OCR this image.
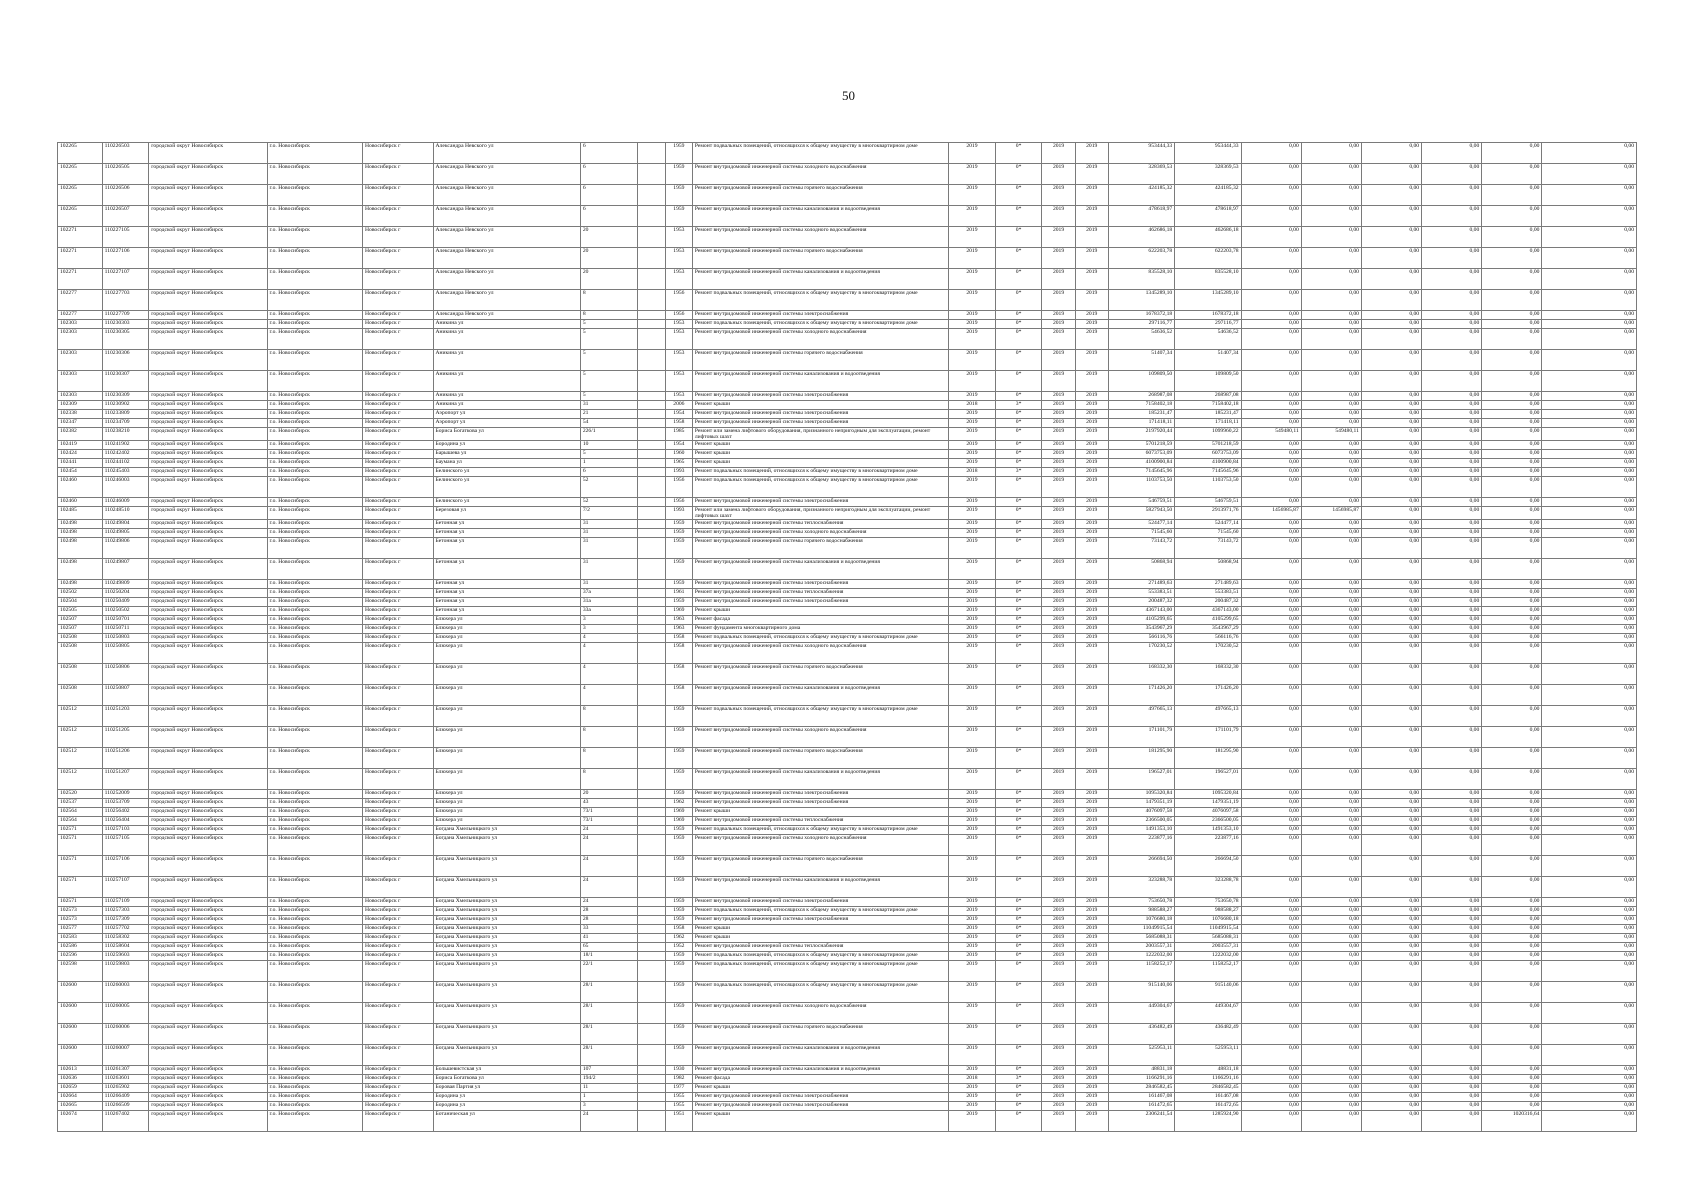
50
102265	110226503	городской округ Новосибирск	г.о. Новосибирск	Новосибирск г	Александра Невского ул	6		1959	Ремонт подвальных помещений, относящихся к общему имуществу в многоквартирном доме	2019	0*	2019	2019	953444,33	953444,33	0,00	0,00	0,00	0,00	0,00	0,00
102265	110226505	городской округ Новосибирск	г.о. Новосибирск	Новосибирск г	Александра Невского ул	6		1959	Ремонт внутридомовой инженерной системы холодного водоснабжения	2019	0*	2019	2019	328369,53	328369,53	0,00	0,00	0,00	0,00	0,00	0,00
102265	110226506	городской округ Новосибирск	г.о. Новосибирск	Новосибирск г	Александра Невского ул	6		1959	Ремонт внутридомовой инженерной системы горячего водоснабжения	2019	0*	2019	2019	424185,32	424185,32	0,00	0,00	0,00	0,00	0,00	0,00
102265	110226507	городской округ Новосибирск	г.о. Новосибирск	Новосибирск г	Александра Невского ул	6		1959	Ремонт внутридомовой инженерной системы канализования и водоотведения	2019	0*	2019	2019	478618,97	478618,97	0,00	0,00	0,00	0,00	0,00	0,00
102271	110227105	городской округ Новосибирск	г.о. Новосибирск	Новосибирск г	Александра Невского ул	20		1953	Ремонт внутридомовой инженерной системы холодного водоснабжения	2019	0*	2019	2019	462686,18	462686,18	0,00	0,00	0,00	0,00	0,00	0,00
102271	110227106	городской округ Новосибирск	г.о. Новосибирск	Новосибирск г	Александра Невского ул	20		1953	Ремонт внутридомовой инженерной системы горячего водоснабжения	2019	0*	2019	2019	622203,78	622203,78	0,00	0,00	0,00	0,00	0,00	0,00
102271	110227107	городской округ Новосибирск	г.о. Новосибирск	Новосибирск г	Александра Невского ул	20		1953	Ремонт внутридомовой инженерной системы канализования и водоотведения	2019	0*	2019	2019	835528,10	835528,10	0,00	0,00	0,00	0,00	0,00	0,00
102277	110227703	городской округ Новосибирск	г.о. Новосибирск	Новосибирск г	Александра Невского ул	8		1956	Ремонт подвальных помещений, относящихся к общему имуществу в многоквартирном доме	2019	0*	2019	2019	1345289,10	1345289,10	0,00	0,00	0,00	0,00	0,00	0,00
102277	110227709	городской округ Новосибирск	г.о. Новосибирск	Новосибирск г	Александра Невского ул	8		1956	Ремонт внутридомовой инженерной системы электроснабжения	2019	0*	2019	2019	1678372,18	1678372,18	0,00	0,00	0,00	0,00	0,00	0,00
102303	110230303	городской округ Новосибирск	г.о. Новосибирск	Новосибирск г	Аникина ул	5		1953	Ремонт подвальных помещений, относящихся к общему имуществу в многоквартирном доме	2019	0*	2019	2019	297116,77	297116,77	0,00	0,00	0,00	0,00	0,00	0,00
102303	110230305	городской округ Новосибирск	г.о. Новосибирск	Новосибирск г	Аникина ул	5		1953	Ремонт внутридомовой инженерной системы холодного водоснабжения	2019	0*	2019	2019	54636,52	54636,52	0,00	0,00	0,00	0,00	0,00	0,00
102303	110230306	городской округ Новосибирск	г.о. Новосибирск	Новосибирск г	Аникина ул	5		1953	Ремонт внутридомовой инженерной системы горячего водоснабжения	2019	0*	2019	2019	51407,34	51407,34	0,00	0,00	0,00	0,00	0,00	0,00
102303	110230307	городской округ Новосибирск	г.о. Новосибирск	Новосибирск г	Аникина ул	5		1953	Ремонт внутридомовой инженерной системы канализования и водоотведения	2019	0*	2019	2019	109809,50	109809,50	0,00	0,00	0,00	0,00	0,00	0,00
102303	110230309	городской округ Новосибирск	г.о. Новосибирск	Новосибирск г	Аникина ул	5		1953	Ремонт внутридомовой инженерной системы электроснабжения	2019	0*	2019	2019	268987,08	268987,08	0,00	0,00	0,00	0,00	0,00	0,00
102309	110230902	городской округ Новосибирск	г.о. Новосибирск	Новосибирск г	Аникина ул	31		2006	Ремонт крыши	2018	3*	2019	2019	7158402,18	7158402,18	0,00	0,00	0,00	0,00	0,00	0,00
102338	110233809	городской округ Новосибирск	г.о. Новосибирск	Новосибирск г	Аэропорт ул	21		1954	Ремонт внутридомовой инженерной системы электроснабжения	2019	0*	2019	2019	185231,47	185231,47	0,00	0,00	0,00	0,00	0,00	0,00
102347	110234709	городской округ Новосибирск	г.о. Новосибирск	Новосибирск г	Аэропорт ул	54		1958	Ремонт внутридомовой инженерной системы электроснабжения	2019	0*	2019	2019	171418,11	171418,11	0,00	0,00	0,00	0,00	0,00	0,00
102382	110238210	городской округ Новосибирск	г.о. Новосибирск	Новосибирск г	Бориса Богаткова ул	226/1		1985	Ремонт или замена лифтового оборудования, признанного непригодным для эксплуатации, ремонт лифтовых шахт	2019	0*	2019	2019	2197920,44	1099960,22	549480,11	549480,11	0,00	0,00	0,00	0,00
102419	110241902	городской округ Новосибирск	г.о. Новосибирск	Новосибирск г	Бородина ул	10		1954	Ремонт крыши	2019	0*	2019	2019	5701218,59	5701218,59	0,00	0,00	0,00	0,00	0,00	0,00
102424	110242402	городской округ Новосибирск	г.о. Новосибирск	Новосибирск г	Барышева ул	5		1960	Ремонт крыши	2019	0*	2019	2019	6073753,09	6073753,09	0,00	0,00	0,00	0,00	0,00	0,00
102441	110244102	городской округ Новосибирск	г.о. Новосибирск	Новосибирск г	Баумана ул	1		1965	Ремонт крыши	2019	0*	2019	2019	4100900,84	4100900,84	0,00	0,00	0,00	0,00	0,00	0,00
102454	110245403	городской округ Новосибирск	г.о. Новосибирск	Новосибирск г	Белинского ул	6		1993	Ремонт подвальных помещений, относящихся к общему имуществу в многоквартирном доме	2018	3*	2019	2019	7145645,96	7145645,96	0,00	0,00	0,00	0,00	0,00	0,00
102460	110246003	городской округ Новосибирск	г.о. Новосибирск	Новосибирск г	Белинского ул	52		1956	Ремонт подвальных помещений, относящихся к общему имуществу в многоквартирном доме	2019	0*	2019	2019	1103753,50	1103753,50	0,00	0,00	0,00	0,00	0,00	0,00
102460	110246009	городской округ Новосибирск	г.о. Новосибирск	Новосибирск г	Белинского ул	52		1956	Ремонт внутридомовой инженерной системы электроснабжения	2019	0*	2019	2019	546759,51	546759,51	0,00	0,00	0,00	0,00	0,00	0,00
102485	110248510	городской округ Новосибирск	г.о. Новосибирск	Новосибирск г	Березовая ул	7/2		1993	Ремонт или замена лифтового оборудования, признанного непригодным для эксплуатации, ремонт лифтовых шахт	2019	0*	2019	2019	5827943,50	2913971,76	1456985,87	1456985,87	0,00	0,00	0,00	0,00
102498	110249804	городской округ Новосибирск	г.о. Новосибирск	Новосибирск г	Бетонная ул	31		1959	Ремонт внутридомовой инженерной системы теплоснабжения	2019	0*	2019	2019	524477,14	524477,14	0,00	0,00	0,00	0,00	0,00	0,00
102498	110249805	городской округ Новосибирск	г.о. Новосибирск	Новосибирск г	Бетонная ул	31		1959	Ремонт внутридомовой инженерной системы холодного водоснабжения	2019	0*	2019	2019	71545,60	71545,60	0,00	0,00	0,00	0,00	0,00	0,00
102498	110249806	городской округ Новосибирск	г.о. Новосибирск	Новосибирск г	Бетонная ул	31		1959	Ремонт внутридомовой инженерной системы горячего водоснабжения	2019	0*	2019	2019	73143,72	73143,72	0,00	0,00	0,00	0,00	0,00	0,00
102498	110249807	городской округ Новосибирск	г.о. Новосибирск	Новосибирск г	Бетонная ул	31		1959	Ремонт внутридомовой инженерной системы канализования и водоотведения	2019	0*	2019	2019	50868,94	50868,94	0,00	0,00	0,00	0,00	0,00	0,00
102498	110249809	городской округ Новосибирск	г.о. Новосибирск	Новосибирск г	Бетонная ул	31		1959	Ремонт внутридомовой инженерной системы электроснабжения	2019	0*	2019	2019	271489,63	271489,63	0,00	0,00	0,00	0,00	0,00	0,00
102502	110250204	городской округ Новосибирск	г.о. Новосибирск	Новосибирск г	Бетонная ул	37а		1961	Ремонт внутридомовой инженерной системы теплоснабжения	2019	0*	2019	2019	553383,51	553383,51	0,00	0,00	0,00	0,00	0,00	0,00
102504	110250409	городской округ Новосибирск	г.о. Новосибирск	Новосибирск г	Бетонная ул	31а		1959	Ремонт внутридомовой инженерной системы электроснабжения	2019	0*	2019	2019	200487,32	200487,32	0,00	0,00	0,00	0,00	0,00	0,00
102505	110250502	городской округ Новосибирск	г.о. Новосибирск	Новосибирск г	Бетонная ул	33а		1969	Ремонт крыши	2019	0*	2019	2019	4367143,00	4367143,00	0,00	0,00	0,00	0,00	0,00	0,00
102507	110250701	городской округ Новосибирск	г.о. Новосибирск	Новосибирск г	Блюхера ул	3		1963	Ремонт фасада	2019	0*	2019	2019	4105299,65	4105299,65	0,00	0,00	0,00	0,00	0,00	0,00
102507	110250711	городской округ Новосибирск	г.о. Новосибирск	Новосибирск г	Блюхера ул	3		1963	Ремонт фундамента многоквартирного дома	2019	0*	2019	2019	3543967,29	3543967,29	0,00	0,00	0,00	0,00	0,00	0,00
102508	110250803	городской округ Новосибирск	г.о. Новосибирск	Новосибирск г	Блюхера ул	4		1958	Ремонт подвальных помещений, относящихся к общему имуществу в многоквартирном доме	2019	0*	2019	2019	566116,76	566116,76	0,00	0,00	0,00	0,00	0,00	0,00
102508	110250805	городской округ Новосибирск	г.о. Новосибирск	Новосибирск г	Блюхера ул	4		1958	Ремонт внутридомовой инженерной системы холодного водоснабжения	2019	0*	2019	2019	170230,52	170230,52	0,00	0,00	0,00	0,00	0,00	0,00
102508	110250806	городской округ Новосибирск	г.о. Новосибирск	Новосибирск г	Блюхера ул	4		1958	Ремонт внутридомовой инженерной системы горячего водоснабжения	2019	0*	2019	2019	168332,30	168332,30	0,00	0,00	0,00	0,00	0,00	0,00
102508	110250807	городской округ Новосибирск	г.о. Новосибирск	Новосибирск г	Блюхера ул	4		1958	Ремонт внутридомовой инженерной системы канализования и водоотведения	2019	0*	2019	2019	171426,20	171426,20	0,00	0,00	0,00	0,00	0,00	0,00
102512	110251203	городской округ Новосибирск	г.о. Новосибирск	Новосибирск г	Блюхера ул	8		1959	Ремонт подвальных помещений, относящихся к общему имуществу в многоквартирном доме	2019	0*	2019	2019	497665,13	497665,13	0,00	0,00	0,00	0,00	0,00	0,00
102512	110251205	городской округ Новосибирск	г.о. Новосибирск	Новосибирск г	Блюхера ул	8		1959	Ремонт внутридомовой инженерной системы холодного водоснабжения	2019	0*	2019	2019	171101,79	171101,79	0,00	0,00	0,00	0,00	0,00	0,00
102512	110251206	городской округ Новосибирск	г.о. Новосибирск	Новосибирск г	Блюхера ул	8		1959	Ремонт внутридомовой инженерной системы горячего водоснабжения	2019	0*	2019	2019	181295,90	181295,90	0,00	0,00	0,00	0,00	0,00	0,00
102512	110251207	городской округ Новосибирск	г.о. Новосибирск	Новосибирск г	Блюхера ул	8		1959	Ремонт внутридомовой инженерной системы канализования и водоотведения	2019	0*	2019	2019	196527,01	196527,01	0,00	0,00	0,00	0,00	0,00	0,00
102520	110252009	городской округ Новосибирск	г.о. Новосибирск	Новосибирск г	Блюхера ул	20		1959	Ремонт внутридомовой инженерной системы электроснабжения	2019	0*	2019	2019	1095320,84	1095320,84	0,00	0,00	0,00	0,00	0,00	0,00
102537	110253709	городской округ Новосибирск	г.о. Новосибирск	Новосибирск г	Блюхера ул	43		1962	Ремонт внутридомовой инженерной системы электроснабжения	2019	0*	2019	2019	1479351,19	1479351,19	0,00	0,00	0,00	0,00	0,00	0,00
102564	110256402	городской округ Новосибирск	г.о. Новосибирск	Новосибирск г	Блюхера ул	73/1		1969	Ремонт крыши	2019	0*	2019	2019	4076097,58	4076097,58	0,00	0,00	0,00	0,00	0,00	0,00
102564	110256404	городской округ Новосибирск	г.о. Новосибирск	Новосибирск г	Блюхера ул	73/1		1969	Ремонт внутридомовой инженерной системы теплоснабжения	2019	0*	2019	2019	2366500,05	2366500,05	0,00	0,00	0,00	0,00	0,00	0,00
102571	110257103	городской округ Новосибирск	г.о. Новосибирск	Новосибирск г	Богдана Хмельницкого ул	24		1959	Ремонт подвальных помещений, относящихся к общему имуществу в многоквартирном доме	2019	0*	2019	2019	1491353,10	1491353,10	0,00	0,00	0,00	0,00	0,00	0,00
102571	110257105	городской округ Новосибирск	г.о. Новосибирск	Новосибирск г	Богдана Хмельницкого ул	24		1959	Ремонт внутридомовой инженерной системы холодного водоснабжения	2019	0*	2019	2019	223877,16	223877,16	0,00	0,00	0,00	0,00	0,00	0,00
102571	110257106	городской округ Новосибирск	г.о. Новосибирск	Новосибирск г	Богдана Хмельницкого ул	24		1959	Ремонт внутридомовой инженерной системы горячего водоснабжения	2019	0*	2019	2019	266694,50	266694,50	0,00	0,00	0,00	0,00	0,00	0,00
102571	110257107	городской округ Новосибирск	г.о. Новосибирск	Новосибирск г	Богдана Хмельницкого ул	24		1959	Ремонт внутридомовой инженерной системы канализования и водоотведения	2019	0*	2019	2019	323288,78	323288,78	0,00	0,00	0,00	0,00	0,00	0,00
102571	110257109	городской округ Новосибирск	г.о. Новосибирск	Новосибирск г	Богдана Хмельницкого ул	24		1959	Ремонт внутридомовой инженерной системы электроснабжения	2019	0*	2019	2019	753650,78	753650,78	0,00	0,00	0,00	0,00	0,00	0,00
102573	110257303	городской округ Новосибирск	г.о. Новосибирск	Новосибирск г	Богдана Хмельницкого ул	28		1959	Ремонт подвальных помещений, относящихся к общему имуществу в многоквартирном доме	2019	0*	2019	2019	988588,27	988588,27	0,00	0,00	0,00	0,00	0,00	0,00
102573	110257309	городской округ Новосибирск	г.о. Новосибирск	Новосибирск г	Богдана Хмельницкого ул	28		1959	Ремонт внутридомовой инженерной системы электроснабжения	2019	0*	2019	2019	1076680,18	1076680,18	0,00	0,00	0,00	0,00	0,00	0,00
102577	110257702	городской округ Новосибирск	г.о. Новосибирск	Новосибирск г	Богдана Хмельницкого ул	33		1958	Ремонт крыши	2019	0*	2019	2019	11049915,54	11049915,54	0,00	0,00	0,00	0,00	0,00	0,00
102583	110258302	городской округ Новосибирск	г.о. Новосибирск	Новосибирск г	Богдана Хмельницкого ул	41		1962	Ремонт крыши	2019	0*	2019	2019	5685088,31	5685088,31	0,00	0,00	0,00	0,00	0,00	0,00
102586	110258604	городской округ Новосибирск	г.о. Новосибирск	Новосибирск г	Богдана Хмельницкого ул	65		1952	Ремонт внутридомовой инженерной системы теплоснабжения	2019	0*	2019	2019	2003557,31	2003557,31	0,00	0,00	0,00	0,00	0,00	0,00
102596	110259603	городской округ Новосибирск	г.о. Новосибирск	Новосибирск г	Богдана Хмельницкого ул	18/1		1959	Ремонт подвальных помещений, относящихся к общему имуществу в многоквартирном доме	2019	0*	2019	2019	1222032,00	1222032,00	0,00	0,00	0,00	0,00	0,00	0,00
102598	110259803	городской округ Новосибирск	г.о. Новосибирск	Новосибирск г	Богдана Хмельницкого ул	22/1		1959	Ремонт подвальных помещений, относящихся к общему имуществу в многоквартирном доме	2019	0*	2019	2019	1158252,17	1158252,17	0,00	0,00	0,00	0,00	0,00	0,00
102600	110260003	городской округ Новосибирск	г.о. Новосибирск	Новосибирск г	Богдана Хмельницкого ул	28/1		1959	Ремонт подвальных помещений, относящихся к общему имуществу в многоквартирном доме	2019	0*	2019	2019	915140,06	915140,06	0,00	0,00	0,00	0,00	0,00	0,00
102600	110260005	городской округ Новосибирск	г.о. Новосибирск	Новосибирск г	Богдана Хмельницкого ул	28/1		1959	Ремонт внутридомовой инженерной системы холодного водоснабжения	2019	0*	2019	2019	449304,67	449304,67	0,00	0,00	0,00	0,00	0,00	0,00
102600	110260006	городской округ Новосибирск	г.о. Новосибирск	Новосибирск г	Богдана Хмельницкого ул	28/1		1959	Ремонт внутридомовой инженерной системы горячего водоснабжения	2019	0*	2019	2019	436482,49	436482,49	0,00	0,00	0,00	0,00	0,00	0,00
102600	110260007	городской округ Новосибирск	г.о. Новосибирск	Новосибирск г	Богдана Хмельницкого ул	28/1		1959	Ремонт внутридомовой инженерной системы канализования и водоотведения	2019	0*	2019	2019	525953,11	525953,11	0,00	0,00	0,00	0,00	0,00	0,00
102613	110261307	городской округ Новосибирск	г.о. Новосибирск	Новосибирск г	Большевистская ул	107		1930	Ремонт внутридомовой инженерной системы канализования и водоотведения	2019	0*	2019	2019	48831,18	48831,18	0,00	0,00	0,00	0,00	0,00	0,00
102636	110263601	городской округ Новосибирск	г.о. Новосибирск	Новосибирск г	Бориса Богаткова ул	194/2		1982	Ремонт фасада	2018	3*	2019	2019	1166291,16	1166291,16	0,00	0,00	0,00	0,00	0,00	0,00
102659	110265902	городской округ Новосибирск	г.о. Новосибирск	Новосибирск г	Боровая Партия ул	11		1977	Ремонт крыши	2019	0*	2019	2019	2846582,45	2846582,45	0,00	0,00	0,00	0,00	0,00	0,00
102664	110266409	городской округ Новосибирск	г.о. Новосибирск	Новосибирск г	Бородина ул	1		1955	Ремонт внутридомовой инженерной системы электроснабжения	2019	0*	2019	2019	161467,08	161467,08	0,00	0,00	0,00	0,00	0,00	0,00
102665	110266509	городской округ Новосибирск	г.о. Новосибирск	Новосибирск г	Бородина ул	3		1955	Ремонт внутридомовой инженерной системы электроснабжения	2019	0*	2019	2019	161472,65	161472,65	0,00	0,00	0,00	0,00	0,00	0,00
102674	110267402	городской округ Новосибирск	г.о. Новосибирск	Новосибирск г	Ботаническая ул	24		1951	Ремонт крыши	2019	0*	2019	2019	2306241,54	1285924,90	0,00	0,00	0,00	0,00	1020316,64	0,00
